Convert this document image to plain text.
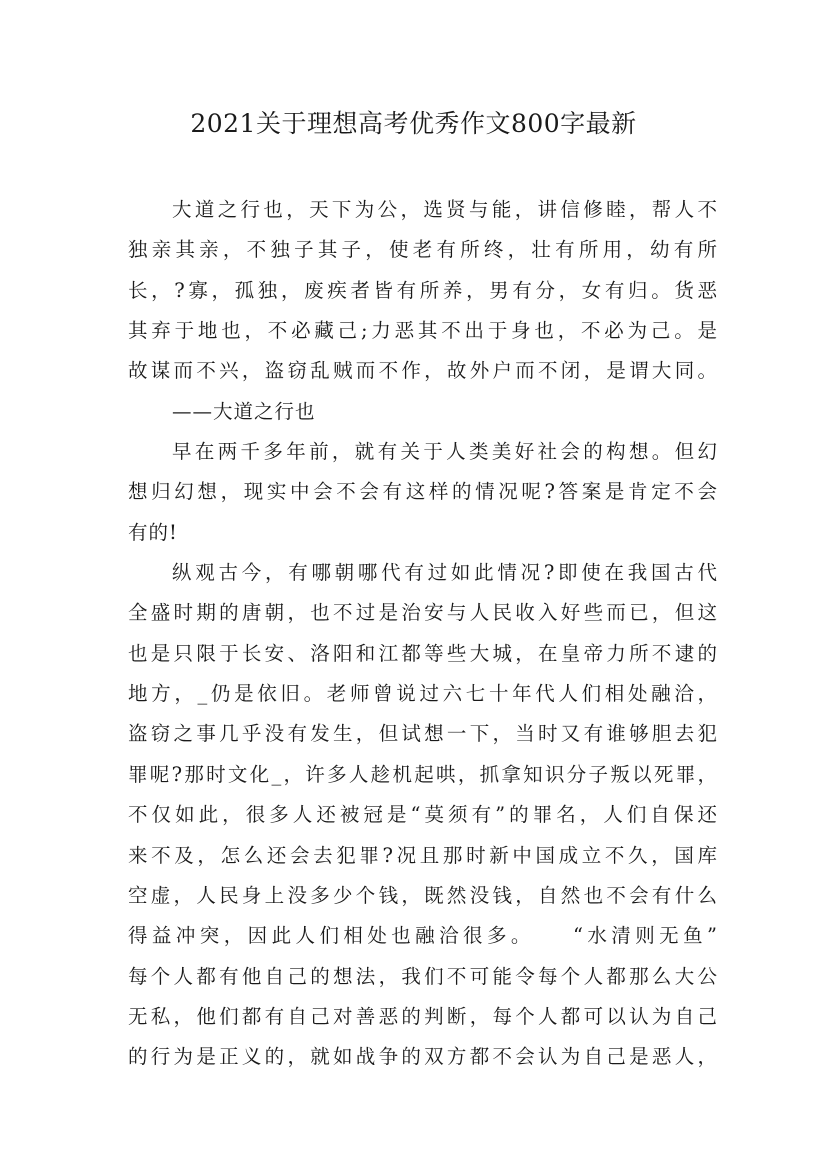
2021关于理想高考优秀作文800字最新
大道之行也，天下为公，选贤与能，讲信修睦，帮人不
独亲其亲，不独子其子，使老有所终，壮有所用，幼有所
长，?寡，孤独，废疾者皆有所养，男有分，女有归。货恶
其弃于地也，不必藏己;力恶其不出于身也，不必为己。是
故谋而不兴，盗窃乱贼而不作，故外户而不闭，是谓大同。
——大道之行也
早在两千多年前，就有关于人类美好社会的构想。但幻
想归幻想，现实中会不会有这样的情况呢?答案是肯定不会
有的!
纵观古今，有哪朝哪代有过如此情况?即使在我国古代
全盛时期的唐朝，也不过是治安与人民收入好些而已，但这
也是只限于长安、洛阳和江都等些大城，在皇帝力所不逮的
地方，_仍是依旧。老师曾说过六七十年代人们相处融洽，
盗窃之事几乎没有发生，但试想一下，当时又有谁够胆去犯
罪呢?那时文化_，许多人趁机起哄，抓拿知识分子叛以死罪，
不仅如此，很多人还被冠是“莫须有”的罪名，人们自保还
来不及，怎么还会去犯罪?况且那时新中国成立不久，国库
空虚，人民身上没多少个钱，既然没钱，自然也不会有什么
得益冲突，因此人们相处也融洽很多。　　“水清则无鱼”
每个人都有他自己的想法，我们不可能令每个人都那么大公
无私，他们都有自己对善恶的判断，每个人都可以认为自己
的行为是正义的，就如战争的双方都不会认为自己是恶人，
